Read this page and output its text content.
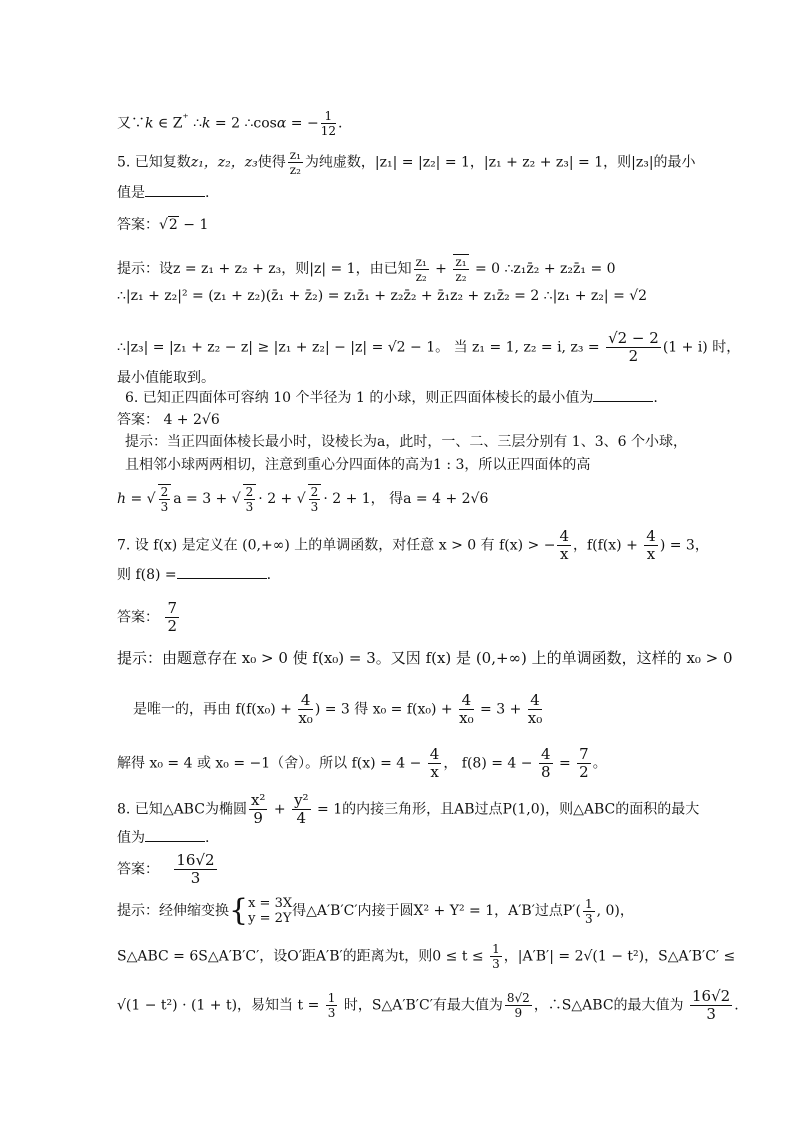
又∵k ∈ Z⁺ ∴k = 2 ∴cosα = − $\frac{1}{12}$ .
5. 已知复数z₁，z₂，z₃使得 $\frac{\text{z₁}}{\text{z₂}}$ 为纯虚数，|z₁| = |z₂| = 1，|z₁ + z₂ + z₃| = 1，则|z₃|的最小
值是	.
答案：√2 − 1
提示：设z = z₁ + z₂ + z₃，则|z| = 1，由已知 $\frac{\text{z₁}}{\text{z₂}} + \frac{\text{z₁}}{\text{z₂}} = 0$ ∴z₁z̄₂ + z₂z̄₁ = 0
∴|z₁ + z₂|² = (z₁ + z₂)(z̄₁ + z̄₂) = z₁z̄₁ + z₂z̄₂ + z̄₁z₂ + z₁z̄₂ = 2 ∴|z₁ + z₂| = √2
∴|z₃| = |z₁ + z₂ − z| ≥ |z₁ + z₂| − |z| = √2 − 1。 当 z₁ = 1, z₂ = i, $z_3 = \frac{√2 - 2}{2} (1 + i)$ 时，
最小值能取到。
6. 已知正四面体可容纳 10 个半径为 1 的小球，则正四面体棱长的最小值为	.
答案： 4 + 2√6
提示：当正四面体棱长最小时，设棱长为a，此时，一、二、三层分别有 1、3、6 个小球，
且相邻小球两两相切，注意到重心分四面体的高为1 : 3，所以正四面体的高
h = √ $\frac{2}{3}$ a = 3 + √ $\frac{2}{3} \cdot 2$ + √ $\frac{2}{3} \cdot 2 + 1$， 得a = 4 + 2√6
7. 设 f(x) 是定义在 (0,+∞) 上的单调函数，对任意 x > 0 有 f(x) > − $\frac{4}{x}$ ，$f(f(x) + \frac{4}{x}$ ) = 3，
则 f(8) =	.
答案： $\frac{7}{2}$
提示：由题意存在 x₀ > 0 使 f(x₀) = 3。又因 f(x) 是 (0,+∞) 上的单调函数，这样的 x₀ > 0
是唯一的，再由 $f(f(x_0) + \frac{4}{\text{x₀}}$ ) = 3 得 $x_0 = f(x_0) + \frac{4}{\text{x₀}} = 3 + \frac{4}{\text{x₀}}$
解得 x₀ = 4 或 x₀ = −1（舍）。所以 $f(x) = 4 - \frac{4}{x}$ ， $f(8) = 4 - \frac{4}{8} = \frac{7}{2}$ 。
8. 已知△ABC为椭圆 $\frac{\text{x²}}{9} + \frac{\text{y²}}{4} = 1$的内接三角形，且AB过点P(1,0)，则△ABC的面积的最大
值为	.
答案： $\frac{16√2}{3}$
提示：经伸缩变换{ x = 3X
y = 2Y 得△A′B′C′内接于圆X² + Y² = 1，A′B′过点$P'( \frac{1}{3}$ , 0)，
S△ABC = 6S△A′B′C′，设O′距A′B′的距离为t，则$0 \le t \le \frac{1}{3}$ ，|A′B′| = 2√(1 − t²)，S△A′B′C′ ≤
√(1 − t²) · (1 + t)，易知当 $t = \frac{1}{3}$ 时，S△A′B′C′有最大值为 $\frac{8√2}{9}$ ，∴S△ABC的最大值为 $\frac{16√2}{3}$ .
